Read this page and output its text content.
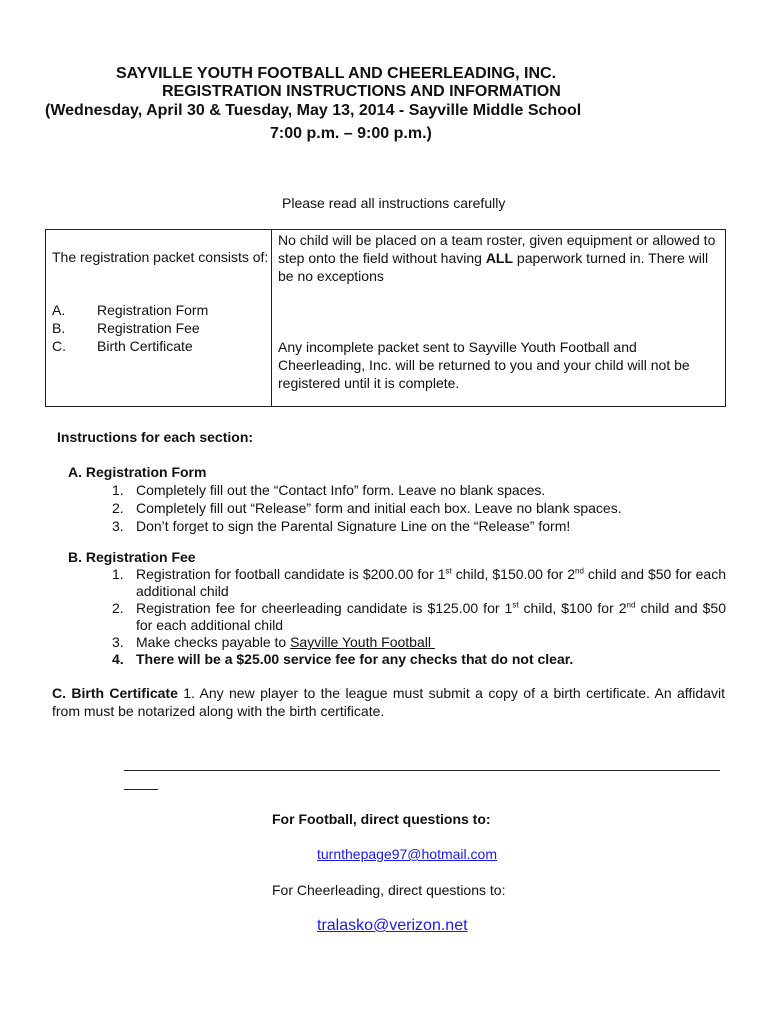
SAYVILLE YOUTH FOOTBALL AND CHEERLEADING, INC.
REGISTRATION INSTRUCTIONS AND INFORMATION
(Wednesday, April 30 & Tuesday, May 13, 2014 - Sayville Middle School
7:00 p.m. – 9:00 p.m.)
Please read all instructions carefully
The registration packet consists of:
A. Registration Form
B. Registration Fee
C. Birth Certificate
No child will be placed on a team roster, given equipment or allowed to step onto the field without having ALL paperwork turned in. There will be no exceptions
Any incomplete packet sent to Sayville Youth Football and Cheerleading, Inc. will be returned to you and your child will not be registered until it is complete.
Instructions for each section:
A. Registration Form
1. Completely fill out the “Contact Info” form. Leave no blank spaces.
2. Completely fill out “Release” form and initial each box. Leave no blank spaces.
3. Don’t forget to sign the Parental Signature Line on the “Release” form!
B. Registration Fee
1. Registration for football candidate is $200.00 for 1st child, $150.00 for 2nd child and $50 for each additional child
2. Registration fee for cheerleading candidate is $125.00 for 1st child, $100 for 2nd child and $50 for each additional child
3. Make checks payable to Sayville Youth Football
4. There will be a $25.00 service fee for any checks that do not clear.
C. Birth Certificate 1. Any new player to the league must submit a copy of a birth certificate. An affidavit from must be notarized along with the birth certificate.
For Football, direct questions to:
turnthepage97@hotmail.com
For Cheerleading, direct questions to:
tralasko@verizon.net
